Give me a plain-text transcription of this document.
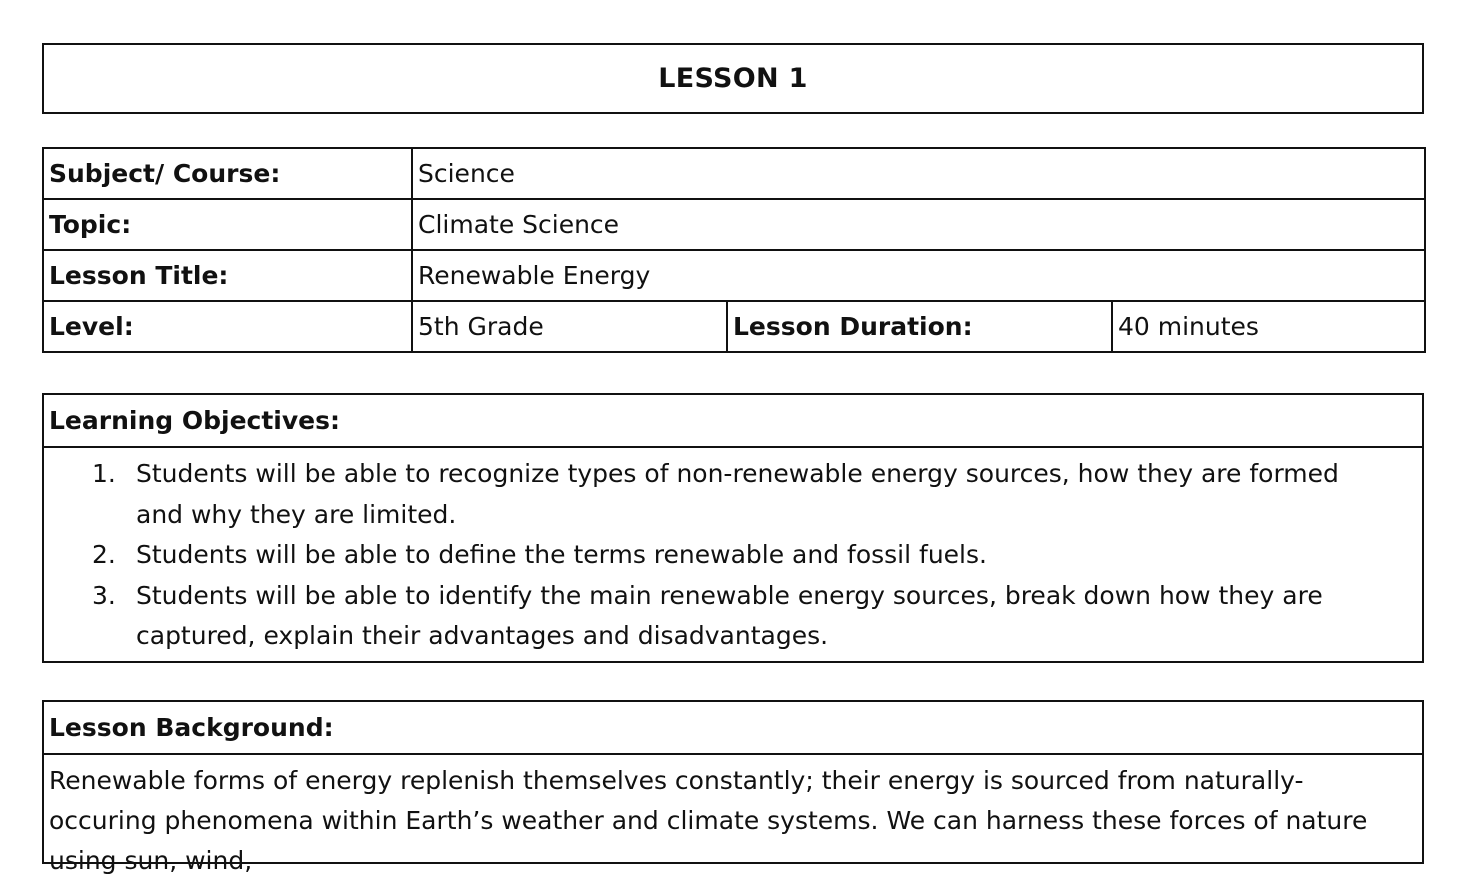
LESSON 1
Subject/ Course:	Science		
Topic:	Climate Science		
Lesson Title:	Renewable Energy		
Level:	5th Grade	Lesson Duration:	40 minutes
Learning Objectives:
1. Students will be able to recognize types of non-renewable energy sources, how they are formed and why they are limited.
2. Students will be able to define the terms renewable and fossil fuels.
3. Students will be able to identify the main renewable energy sources, break down how they are captured, explain their advantages and disadvantages.
Lesson Background:
Renewable forms of energy replenish themselves constantly; their energy is sourced from naturally-occuring phenomena within Earth’s weather and climate systems. We can harness these forces of nature using sun, wind,
